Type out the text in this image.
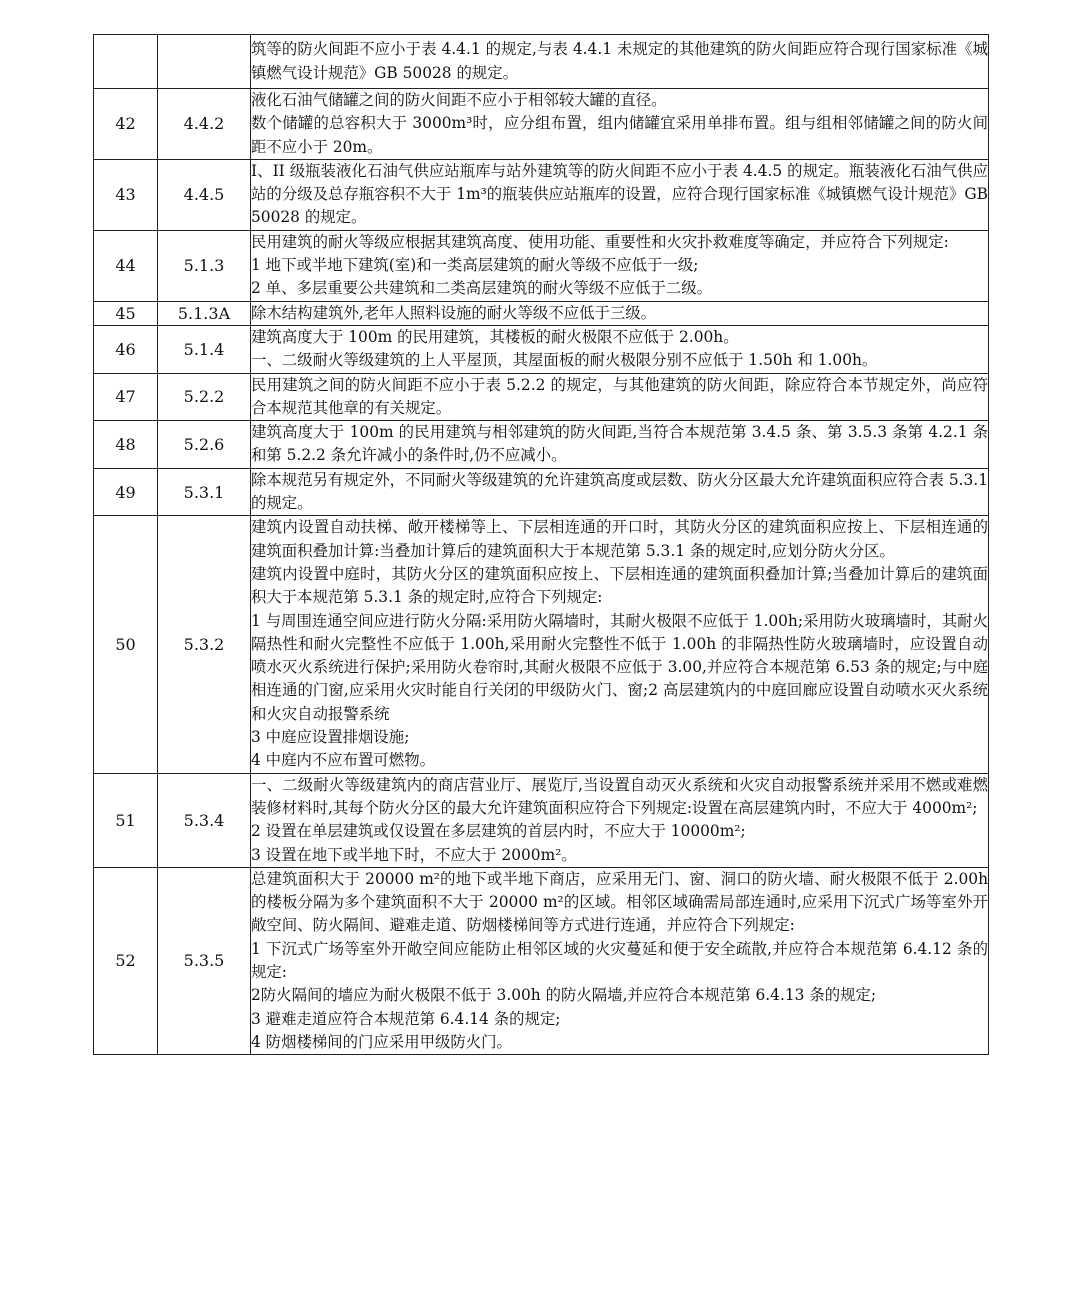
		筑等的防火间距不应小于表 4.4.1 的规定,与表 4.4.1 未规定的其他建筑的防火间距应符合现行国家标准《城镇燃气设计规范》GB 50028 的规定。

42	4.4.2	液化石油气储罐之间的防火间距不应小于相邻较大罐的直径。
数个储罐的总容积大于 3000m³时，应分组布置，组内储罐宜采用单排布置。组与组相邻储罐之间的防火间距不应小于 20m。

43	4.4.5	I、II 级瓶装液化石油气供应站瓶库与站外建筑等的防火间距不应小于表 4.4.5 的规定。瓶装液化石油气供应站的分级及总存瓶容积不大于 1m³的瓶装供应站瓶库的设置，应符合现行国家标准《城镇燃气设计规范》GB 50028 的规定。

44	5.1.3	民用建筑的耐火等级应根据其建筑高度、使用功能、重要性和火灾扑救难度等确定，并应符合下列规定:
1 地下或半地下建筑(室)和一类高层建筑的耐火等级不应低于一级;
2 单、多层重要公共建筑和二类高层建筑的耐火等级不应低于二级。

45	5.1.3A	除木结构建筑外,老年人照料设施的耐火等级不应低于三级。

46	5.1.4	建筑高度大于 100m 的民用建筑，其楼板的耐火极限不应低于 2.00h。
一、二级耐火等级建筑的上人平屋顶，其屋面板的耐火极限分别不应低于 1.50h 和 1.00h。

47	5.2.2	民用建筑之间的防火间距不应小于表 5.2.2 的规定，与其他建筑的防火间距，除应符合本节规定外，尚应符合本规范其他章的有关规定。

48	5.2.6	建筑高度大于 100m 的民用建筑与相邻建筑的防火间距,当符合本规范第 3.4.5 条、第 3.5.3 条第 4.2.1 条和第 5.2.2 条允许减小的条件时,仍不应减小。

49	5.3.1	除本规范另有规定外，不同耐火等级建筑的允许建筑高度或层数、防火分区最大允许建筑面积应符合表 5.3.1 的规定。

50	5.3.2	建筑内设置自动扶梯、敞开楼梯等上、下层相连通的开口时，其防火分区的建筑面积应按上、下层相连通的建筑面积叠加计算:当叠加计算后的建筑面积大于本规范第 5.3.1 条的规定时,应划分防火分区。
建筑内设置中庭时，其防火分区的建筑面积应按上、下层相连通的建筑面积叠加计算;当叠加计算后的建筑面积大于本规范第 5.3.1 条的规定时,应符合下列规定:
1 与周围连通空间应进行防火分隔:采用防火隔墙时，其耐火极限不应低于 1.00h;采用防火玻璃墙时，其耐火隔热性和耐火完整性不应低于 1.00h,采用耐火完整性不低于 1.00h 的非隔热性防火玻璃墙时，应设置自动喷水灭火系统进行保护;采用防火卷帘时,其耐火极限不应低于 3.00,并应符合本规范第 6.53 条的规定;与中庭相连通的门窗,应采用火灾时能自行关闭的甲级防火门、窗;2 高层建筑内的中庭回廊应设置自动喷水灭火系统和火灾自动报警系统
3 中庭应设置排烟设施;
4 中庭内不应布置可燃物。

51	5.3.4	一、二级耐火等级建筑内的商店营业厅、展览厅,当设置自动灭火系统和火灾自动报警系统并采用不燃或难燃装修材料时,其每个防火分区的最大允许建筑面积应符合下列规定:设置在高层建筑内时，不应大于 4000m²;
2 设置在单层建筑或仅设置在多层建筑的首层内时，不应大于 10000m²;
3 设置在地下或半地下时，不应大于 2000m²。

52	5.3.5	总建筑面积大于 20000 m²的地下或半地下商店，应采用无门、窗、洞口的防火墙、耐火极限不低于 2.00h 的楼板分隔为多个建筑面积不大于 20000 m²的区域。相邻区域确需局部连通时,应采用下沉式广场等室外开敞空间、防火隔间、避难走道、防烟楼梯间等方式进行连通，并应符合下列规定:
1 下沉式广场等室外开敞空间应能防止相邻区域的火灾蔓延和便于安全疏散,并应符合本规范第 6.4.12 条的规定:
2防火隔间的墙应为耐火极限不低于 3.00h 的防火隔墙,并应符合本规范第 6.4.13 条的规定;
3 避难走道应符合本规范第 6.4.14 条的规定;
4 防烟楼梯间的门应采用甲级防火门。
